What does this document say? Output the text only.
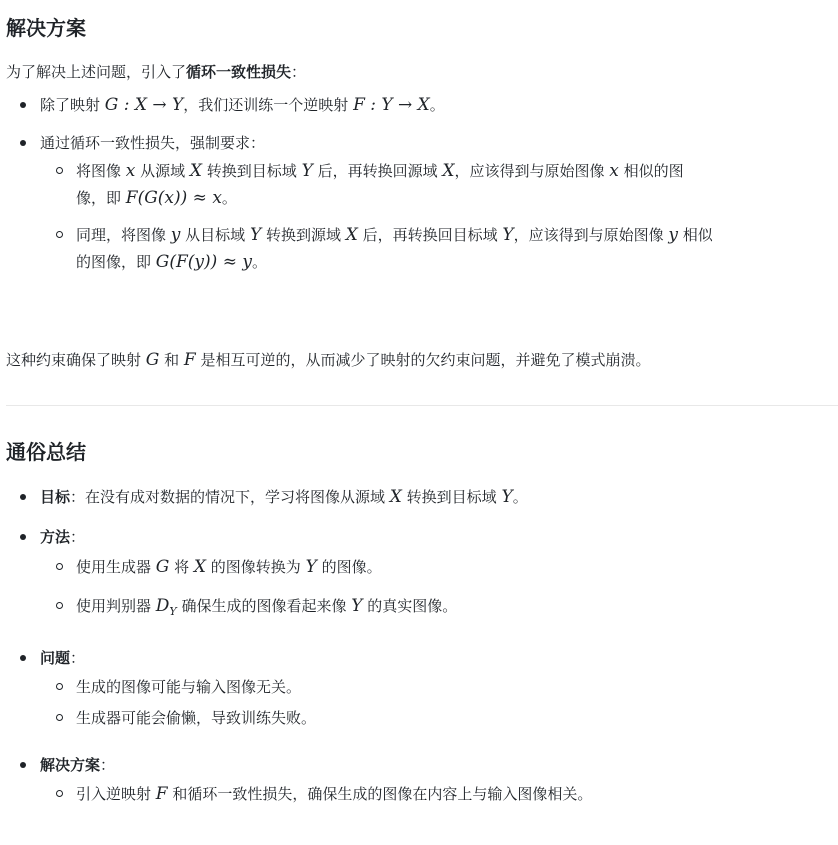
解决方案
为了解决上述问题，引入了循环一致性损失：
除了映射 G : X → Y，我们还训练一个逆映射 F : Y → X。
通过循环一致性损失，强制要求：
将图像 x 从源域 X 转换到目标域 Y 后，再转换回源域 X，应该得到与原始图像 x 相似的图
像，即 F(G(x)) ≈ x。
同理，将图像 y 从目标域 Y 转换到源域 X 后，再转换回目标域 Y，应该得到与原始图像 y 相似
的图像，即 G(F(y)) ≈ y。
这种约束确保了映射 G 和 F 是相互可逆的，从而减少了映射的欠约束问题，并避免了模式崩溃。
通俗总结
目标：在没有成对数据的情况下，学习将图像从源域 X 转换到目标域 Y。
方法：
使用生成器 G 将 X 的图像转换为 Y 的图像。
使用判别器 $D_Y$ 确保生成的图像看起来像 Y 的真实图像。
问题：
生成的图像可能与输入图像无关。
生成器可能会偷懒，导致训练失败。
解决方案：
引入逆映射 F 和循环一致性损失，确保生成的图像在内容上与输入图像相关。
